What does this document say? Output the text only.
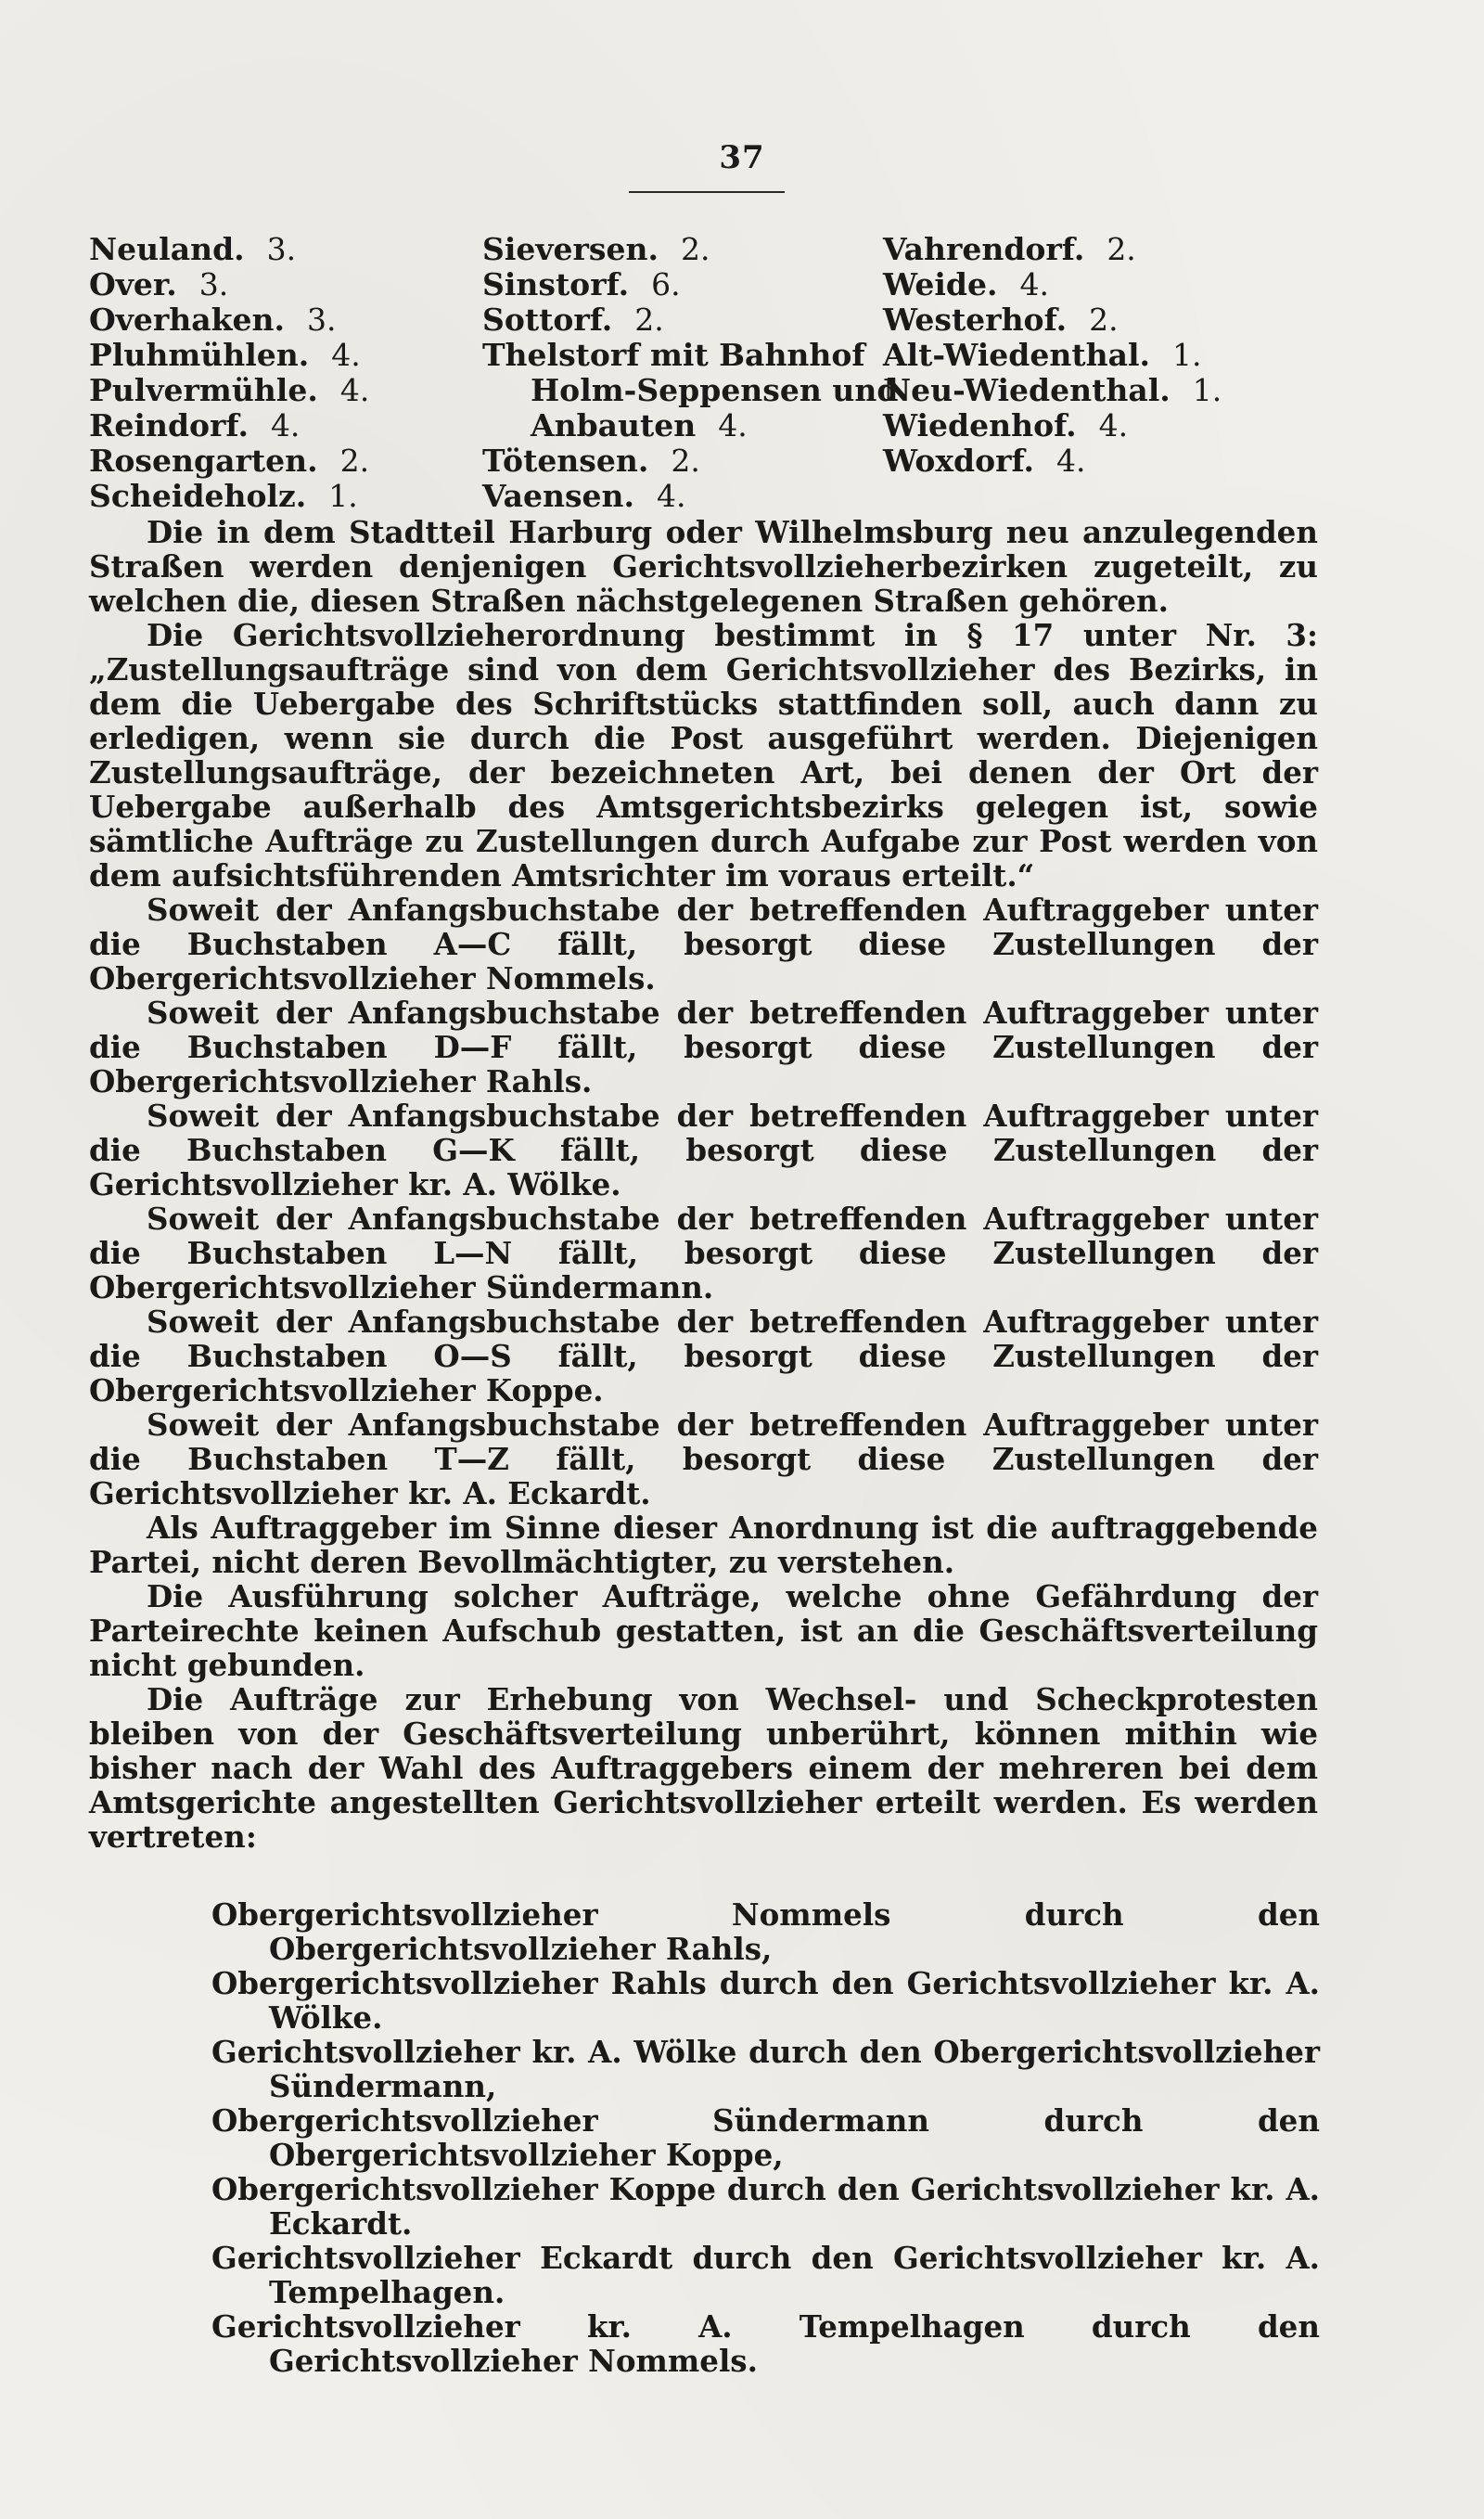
37
Neuland. 3.
Over. 3.
Overhaken. 3.
Pluhmühlen. 4.
Pulvermühle. 4.
Reindorf. 4.
Rosengarten. 2.
Scheideholz. 1.
Sieversen. 2.
Sinstorf. 6.
Sottorf. 2.
Thelstorf mit Bahnhof
Holm-Seppensen und
Anbauten 4.
Tötensen. 2.
Vaensen. 4.
Vahrendorf. 2.
Weide. 4.
Westerhof. 2.
Alt-Wiedenthal. 1.
Neu-Wiedenthal. 1.
Wiedenhof. 4.
Woxdorf. 4.

Die in dem Stadtteil Harburg oder Wilhelmsburg neu anzulegenden Straßen werden denjenigen Gerichtsvollzieherbezirken zugeteilt, zu welchen die, diesen Straßen nächstgelegenen Straßen gehören.

Die Gerichtsvollzieherordnung bestimmt in § 17 unter Nr. 3: „Zustellungsaufträge sind von dem Gerichtsvollzieher des Bezirks, in dem die Uebergabe des Schriftstücks stattfinden soll, auch dann zu erledigen, wenn sie durch die Post ausgeführt werden. Diejenigen Zustellungsaufträge, der bezeichneten Art, bei denen der Ort der Uebergabe außerhalb des Amtsgerichtsbezirks gelegen ist, sowie sämtliche Aufträge zu Zustellungen durch Aufgabe zur Post werden von dem aufsichtsführenden Amtsrichter im voraus erteilt.“

Soweit der Anfangsbuchstabe der betreffenden Auftraggeber unter die Buchstaben A—C fällt, besorgt diese Zustellungen der Obergerichtsvollzieher Nommels.

Soweit der Anfangsbuchstabe der betreffenden Auftraggeber unter die Buchstaben D—F fällt, besorgt diese Zustellungen der Obergerichtsvollzieher Rahls.

Soweit der Anfangsbuchstabe der betreffenden Auftraggeber unter die Buchstaben G—K fällt, besorgt diese Zustellungen der Gerichtsvollzieher kr. A. Wölke.

Soweit der Anfangsbuchstabe der betreffenden Auftraggeber unter die Buchstaben L—N fällt, besorgt diese Zustellungen der Obergerichtsvollzieher Sündermann.

Soweit der Anfangsbuchstabe der betreffenden Auftraggeber unter die Buchstaben O—S fällt, besorgt diese Zustellungen der Obergerichtsvollzieher Koppe.

Soweit der Anfangsbuchstabe der betreffenden Auftraggeber unter die Buchstaben T—Z fällt, besorgt diese Zustellungen der Gerichtsvollzieher kr. A. Eckardt.

Als Auftraggeber im Sinne dieser Anordnung ist die auftraggebende Partei, nicht deren Bevollmächtigter, zu verstehen.

Die Ausführung solcher Aufträge, welche ohne Gefährdung der Parteirechte keinen Aufschub gestatten, ist an die Geschäftsverteilung nicht gebunden.

Die Aufträge zur Erhebung von Wechsel- und Scheckprotesten bleiben von der Geschäftsverteilung unberührt, können mithin wie bisher nach der Wahl des Auftraggebers einem der mehreren bei dem Amtsgerichte angestellten Gerichtsvollzieher erteilt werden. Es werden vertreten:

Obergerichtsvollzieher Nommels durch den Obergerichtsvollzieher Rahls,

Obergerichtsvollzieher Rahls durch den Gerichtsvollzieher kr. A. Wölke.

Gerichtsvollzieher kr. A. Wölke durch den Obergerichtsvollzieher Sündermann,

Obergerichtsvollzieher Sündermann durch den Obergerichtsvollzieher Koppe,

Obergerichtsvollzieher Koppe durch den Gerichtsvollzieher kr. A. Eckardt.

Gerichtsvollzieher Eckardt durch den Gerichtsvollzieher kr. A. Tempelhagen.

Gerichtsvollzieher kr. A. Tempelhagen durch den Gerichtsvollzieher Nommels.
